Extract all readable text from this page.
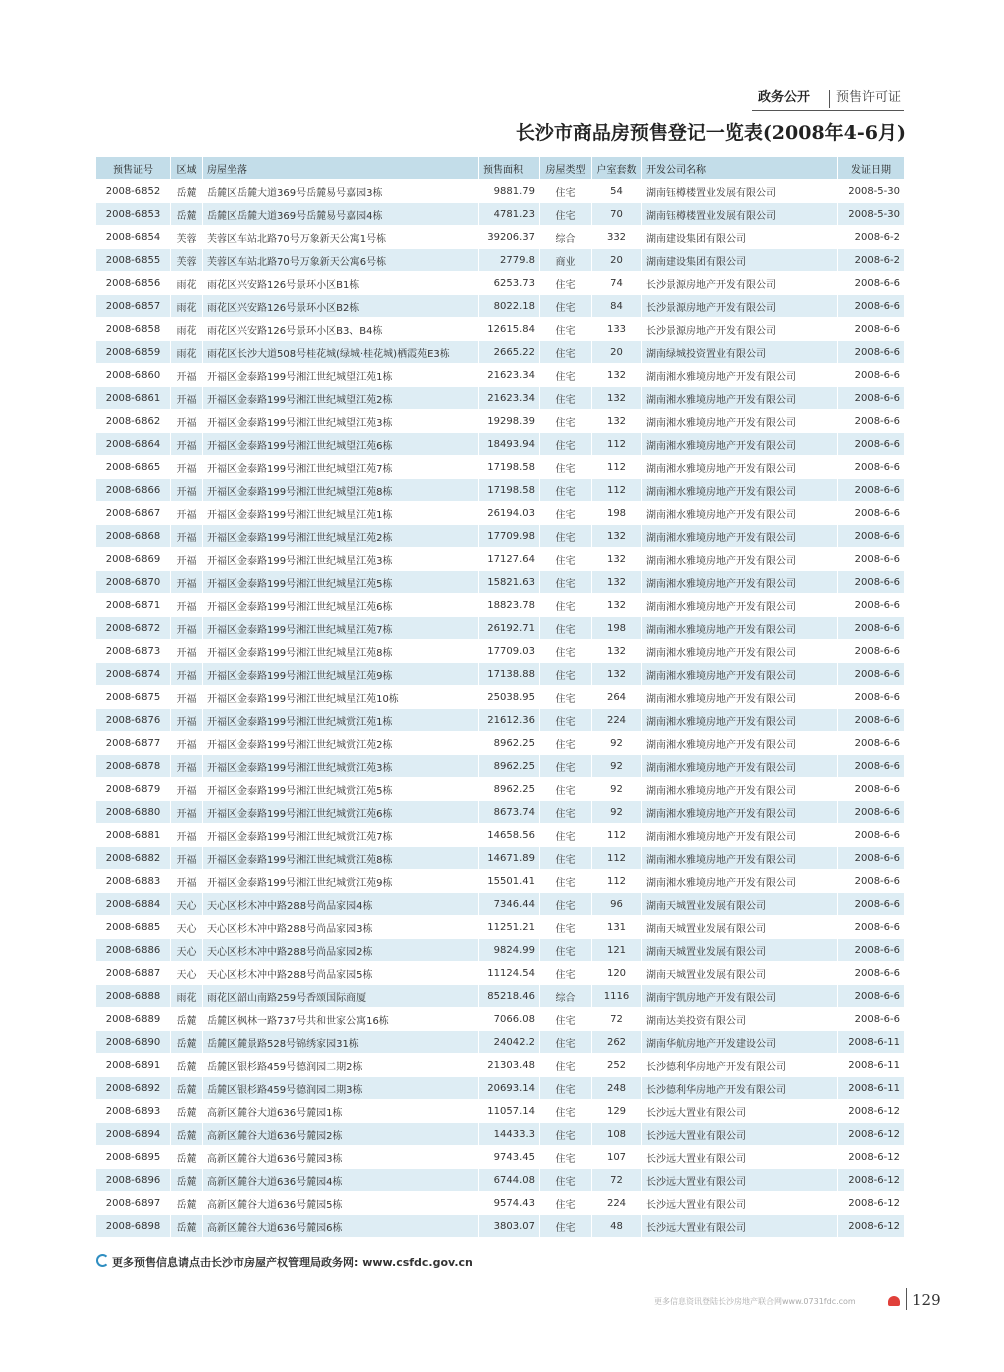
政务公开 预售许可证
长沙市商品房预售登记一览表(2008年4-6月)
预售证号	区域	房屋坐落	预售面积	房屋类型	户室套数	开发公司名称	发证日期
2008-6852	岳麓	岳麓区岳麓大道369号岳麓易号嘉园3栋	9881.79	住宅	54	湖南钰樽楼置业发展有限公司	2008-5-30
2008-6853	岳麓	岳麓区岳麓大道369号岳麓易号嘉园4栋	4781.23	住宅	70	湖南钰樽楼置业发展有限公司	2008-5-30
2008-6854	芙蓉	芙蓉区车站北路70号万象新天公寓1号栋	39206.37	综合	332	湖南建设集团有限公司	2008-6-2
2008-6855	芙蓉	芙蓉区车站北路70号万象新天公寓6号栋	2779.8	商业	20	湖南建设集团有限公司	2008-6-2
2008-6856	雨花	雨花区兴安路126号景环小区B1栋	6253.73	住宅	74	长沙景源房地产开发有限公司	2008-6-6
2008-6857	雨花	雨花区兴安路126号景环小区B2栋	8022.18	住宅	84	长沙景源房地产开发有限公司	2008-6-6
2008-6858	雨花	雨花区兴安路126号景环小区B3、B4栋	12615.84	住宅	133	长沙景源房地产开发有限公司	2008-6-6
2008-6859	雨花	雨花区长沙大道508号桂花城(绿城·桂花城)栖霞苑E3栋	2665.22	住宅	20	湖南绿城投资置业有限公司	2008-6-6
2008-6860	开福	开福区金泰路199号湘江世纪城望江苑1栋	21623.34	住宅	132	湖南湘水雅境房地产开发有限公司	2008-6-6
2008-6861	开福	开福区金泰路199号湘江世纪城望江苑2栋	21623.34	住宅	132	湖南湘水雅境房地产开发有限公司	2008-6-6
2008-6862	开福	开福区金泰路199号湘江世纪城望江苑3栋	19298.39	住宅	132	湖南湘水雅境房地产开发有限公司	2008-6-6
2008-6864	开福	开福区金泰路199号湘江世纪城望江苑6栋	18493.94	住宅	112	湖南湘水雅境房地产开发有限公司	2008-6-6
2008-6865	开福	开福区金泰路199号湘江世纪城望江苑7栋	17198.58	住宅	112	湖南湘水雅境房地产开发有限公司	2008-6-6
2008-6866	开福	开福区金泰路199号湘江世纪城望江苑8栋	17198.58	住宅	112	湖南湘水雅境房地产开发有限公司	2008-6-6
2008-6867	开福	开福区金泰路199号湘江世纪城星江苑1栋	26194.03	住宅	198	湖南湘水雅境房地产开发有限公司	2008-6-6
2008-6868	开福	开福区金泰路199号湘江世纪城星江苑2栋	17709.98	住宅	132	湖南湘水雅境房地产开发有限公司	2008-6-6
2008-6869	开福	开福区金泰路199号湘江世纪城星江苑3栋	17127.64	住宅	132	湖南湘水雅境房地产开发有限公司	2008-6-6
2008-6870	开福	开福区金泰路199号湘江世纪城星江苑5栋	15821.63	住宅	132	湖南湘水雅境房地产开发有限公司	2008-6-6
2008-6871	开福	开福区金泰路199号湘江世纪城星江苑6栋	18823.78	住宅	132	湖南湘水雅境房地产开发有限公司	2008-6-6
2008-6872	开福	开福区金泰路199号湘江世纪城星江苑7栋	26192.71	住宅	198	湖南湘水雅境房地产开发有限公司	2008-6-6
2008-6873	开福	开福区金泰路199号湘江世纪城星江苑8栋	17709.03	住宅	132	湖南湘水雅境房地产开发有限公司	2008-6-6
2008-6874	开福	开福区金泰路199号湘江世纪城星江苑9栋	17138.88	住宅	132	湖南湘水雅境房地产开发有限公司	2008-6-6
2008-6875	开福	开福区金泰路199号湘江世纪城星江苑10栋	25038.95	住宅	264	湖南湘水雅境房地产开发有限公司	2008-6-6
2008-6876	开福	开福区金泰路199号湘江世纪城赏江苑1栋	21612.36	住宅	224	湖南湘水雅境房地产开发有限公司	2008-6-6
2008-6877	开福	开福区金泰路199号湘江世纪城赏江苑2栋	8962.25	住宅	92	湖南湘水雅境房地产开发有限公司	2008-6-6
2008-6878	开福	开福区金泰路199号湘江世纪城赏江苑3栋	8962.25	住宅	92	湖南湘水雅境房地产开发有限公司	2008-6-6
2008-6879	开福	开福区金泰路199号湘江世纪城赏江苑5栋	8962.25	住宅	92	湖南湘水雅境房地产开发有限公司	2008-6-6
2008-6880	开福	开福区金泰路199号湘江世纪城赏江苑6栋	8673.74	住宅	92	湖南湘水雅境房地产开发有限公司	2008-6-6
2008-6881	开福	开福区金泰路199号湘江世纪城赏江苑7栋	14658.56	住宅	112	湖南湘水雅境房地产开发有限公司	2008-6-6
2008-6882	开福	开福区金泰路199号湘江世纪城赏江苑8栋	14671.89	住宅	112	湖南湘水雅境房地产开发有限公司	2008-6-6
2008-6883	开福	开福区金泰路199号湘江世纪城赏江苑9栋	15501.41	住宅	112	湖南湘水雅境房地产开发有限公司	2008-6-6
2008-6884	天心	天心区杉木冲中路288号尚品家园4栋	7346.44	住宅	96	湖南天城置业发展有限公司	2008-6-6
2008-6885	天心	天心区杉木冲中路288号尚品家园3栋	11251.21	住宅	131	湖南天城置业发展有限公司	2008-6-6
2008-6886	天心	天心区杉木冲中路288号尚品家园2栋	9824.99	住宅	121	湖南天城置业发展有限公司	2008-6-6
2008-6887	天心	天心区杉木冲中路288号尚品家园5栋	11124.54	住宅	120	湖南天城置业发展有限公司	2008-6-6
2008-6888	雨花	雨花区韶山南路259号香颂国际商厦	85218.46	综合	1116	湖南宇凯房地产开发有限公司	2008-6-6
2008-6889	岳麓	岳麓区枫林一路737号共和世家公寓16栋	7066.08	住宅	72	湖南达美投资有限公司	2008-6-6
2008-6890	岳麓	岳麓区麓景路528号锦绣家园31栋	24042.2	住宅	262	湖南华航房地产开发建设公司	2008-6-11
2008-6891	岳麓	岳麓区银杉路459号德润园二期2栋	21303.48	住宅	252	长沙德利华房地产开发有限公司	2008-6-11
2008-6892	岳麓	岳麓区银杉路459号德润园二期3栋	20693.14	住宅	248	长沙德利华房地产开发有限公司	2008-6-11
2008-6893	岳麓	高新区麓谷大道636号麓园1栋	11057.14	住宅	129	长沙远大置业有限公司	2008-6-12
2008-6894	岳麓	高新区麓谷大道636号麓园2栋	14433.3	住宅	108	长沙远大置业有限公司	2008-6-12
2008-6895	岳麓	高新区麓谷大道636号麓园3栋	9743.45	住宅	107	长沙远大置业有限公司	2008-6-12
2008-6896	岳麓	高新区麓谷大道636号麓园4栋	6744.08	住宅	72	长沙远大置业有限公司	2008-6-12
2008-6897	岳麓	高新区麓谷大道636号麓园5栋	9574.43	住宅	224	长沙远大置业有限公司	2008-6-12
2008-6898	岳麓	高新区麓谷大道636号麓园6栋	3803.07	住宅	48	长沙远大置业有限公司	2008-6-12
更多预售信息请点击长沙市房屋产权管理局政务网: www.csfdc.gov.cn
更多信息资讯登陆长沙房地产联合网www.0731fdc.com	129
